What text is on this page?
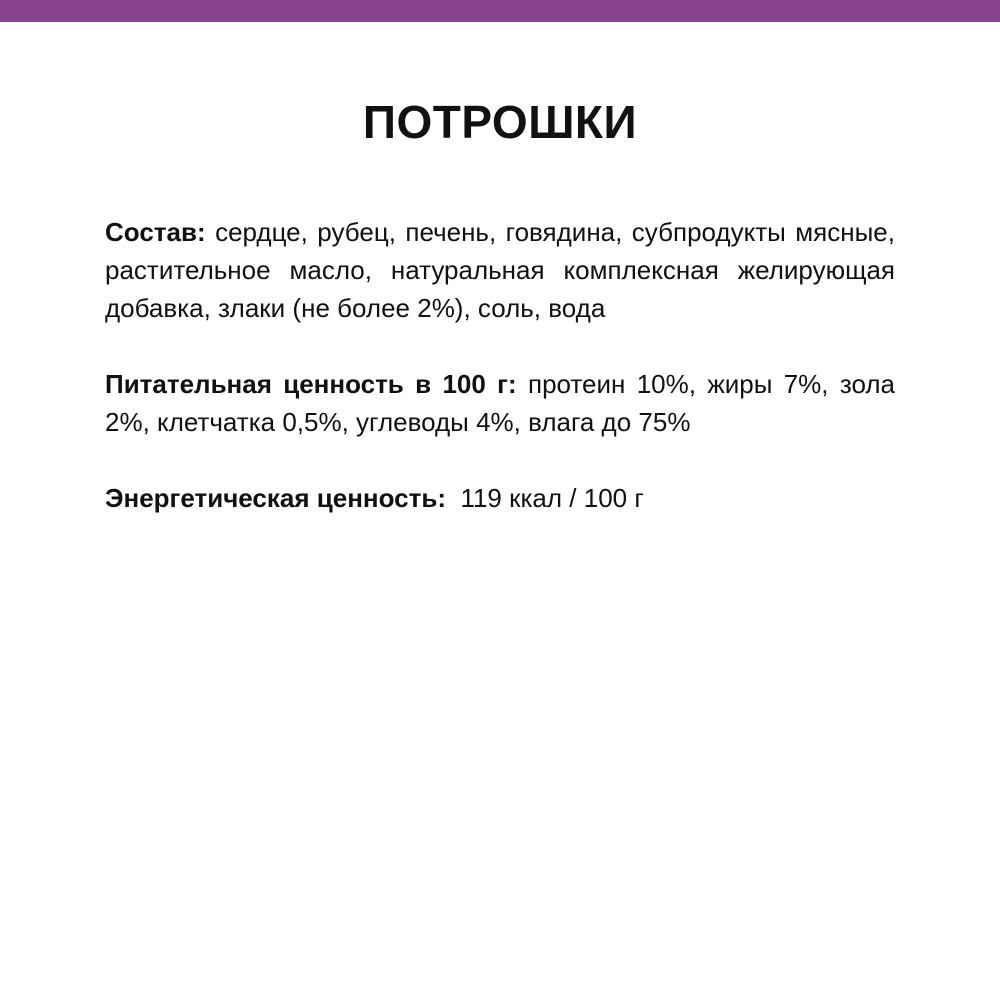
ПОТРОШКИ

Состав: сердце, рубец, печень, говядина, субпродукты мясные, растительное масло, натуральная комплексная желирующая добавка, злаки (не более 2%), соль, вода

Питательная ценность в 100 г: протеин 10%, жиры 7%, зола 2%, клетчатка 0,5%, углеводы 4%, влага до 75%

Энергетическая ценность: 119 ккал / 100 г
